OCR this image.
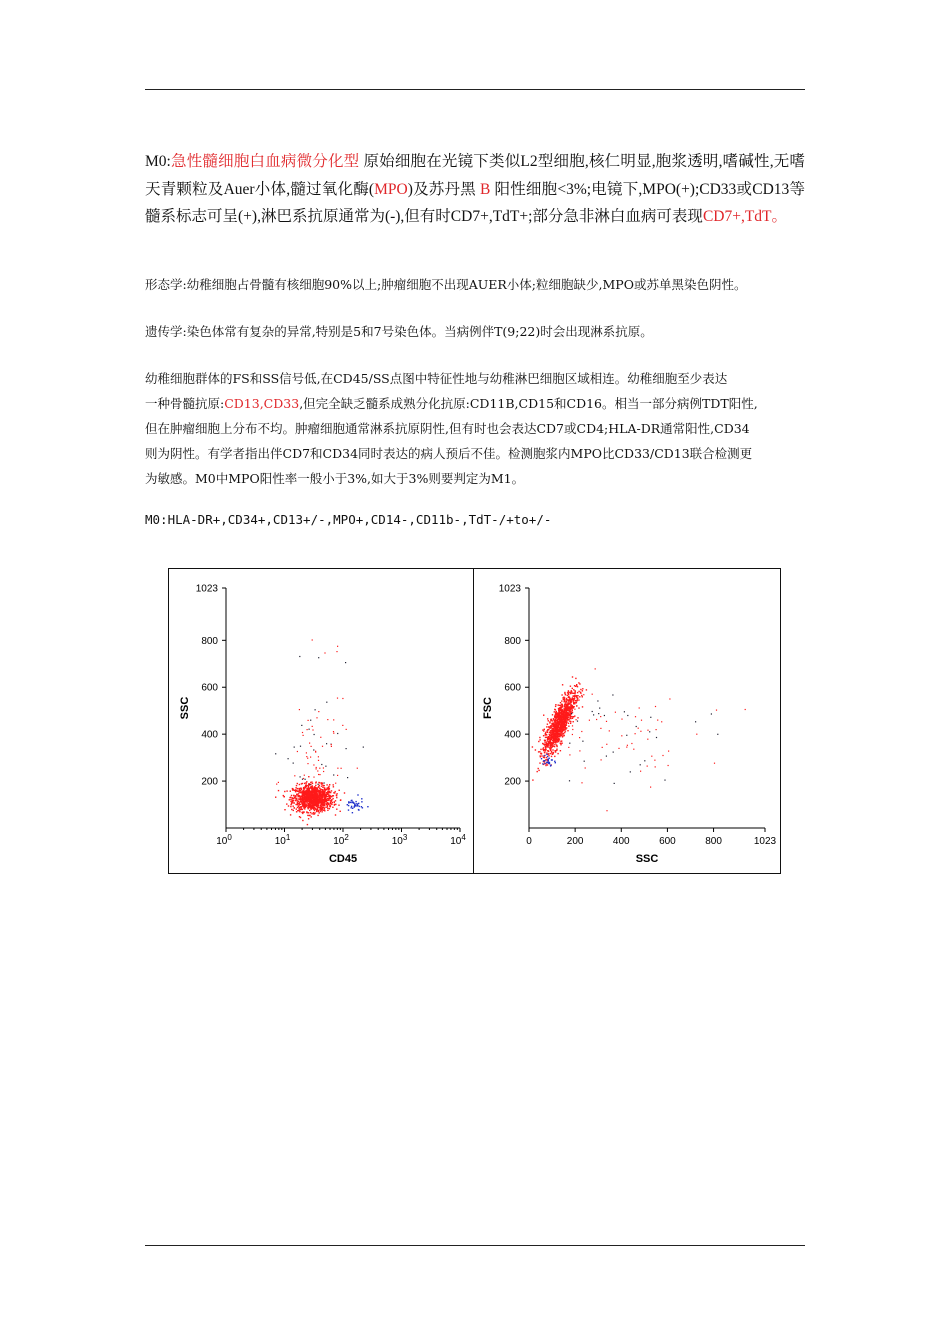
M0:急性髓细胞白血病微分化型 原始细胞在光镜下类似L2型细胞,核仁明显,胞浆透明,嗜碱性,无嗜天青颗粒及Auer小体,髓过氧化酶(MPO)及苏丹黑 B 阳性细胞<3%;电镜下,MPO(+);CD33或CD13等髓系标志可呈(+),淋巴系抗原通常为(-),但有时CD7+,TdT+;部分急非淋白血病可表现CD7+,TdT。

形态学:幼稚细胞占骨髓有核细胞90%以上;肿瘤细胞不出现AUER小体;粒细胞缺少,MPO或苏单黑染色阴性。

遗传学:染色体常有复杂的异常,特别是5和7号染色体。当病例伴T(9;22)时会出现淋系抗原。

幼稚细胞群体的FS和SS信号低,在CD45/SS点图中特征性地与幼稚淋巴细胞区域相连。幼稚细胞至少表达
一种骨髓抗原:CD13,CD33,但完全缺乏髓系成熟分化抗原:CD11B,CD15和CD16。相当一部分病例TDT阳性,
但在肿瘤细胞上分布不均。肿瘤细胞通常淋系抗原阴性,但有时也会表达CD7或CD4;HLA-DR通常阳性,CD34
则为阴性。有学者指出伴CD7和CD34同时表达的病人预后不佳。检测胞浆内MPO比CD33/CD13联合检测更
为敏感。M0中MPO阳性率一般小于3%,如大于3%则要判定为M1。

M0:HLA-DR+,CD34+,CD13+/-,MPO+,CD14-,CD11b-,TdT-/+to+/-

200
400
600
800
1023
$10^0$	$10^1$	$10^2$	$10^3$	$10^4$
CD45
SSC
200
400
600
800
1023
0	200	400	600	800	1023
SSC
FSC
